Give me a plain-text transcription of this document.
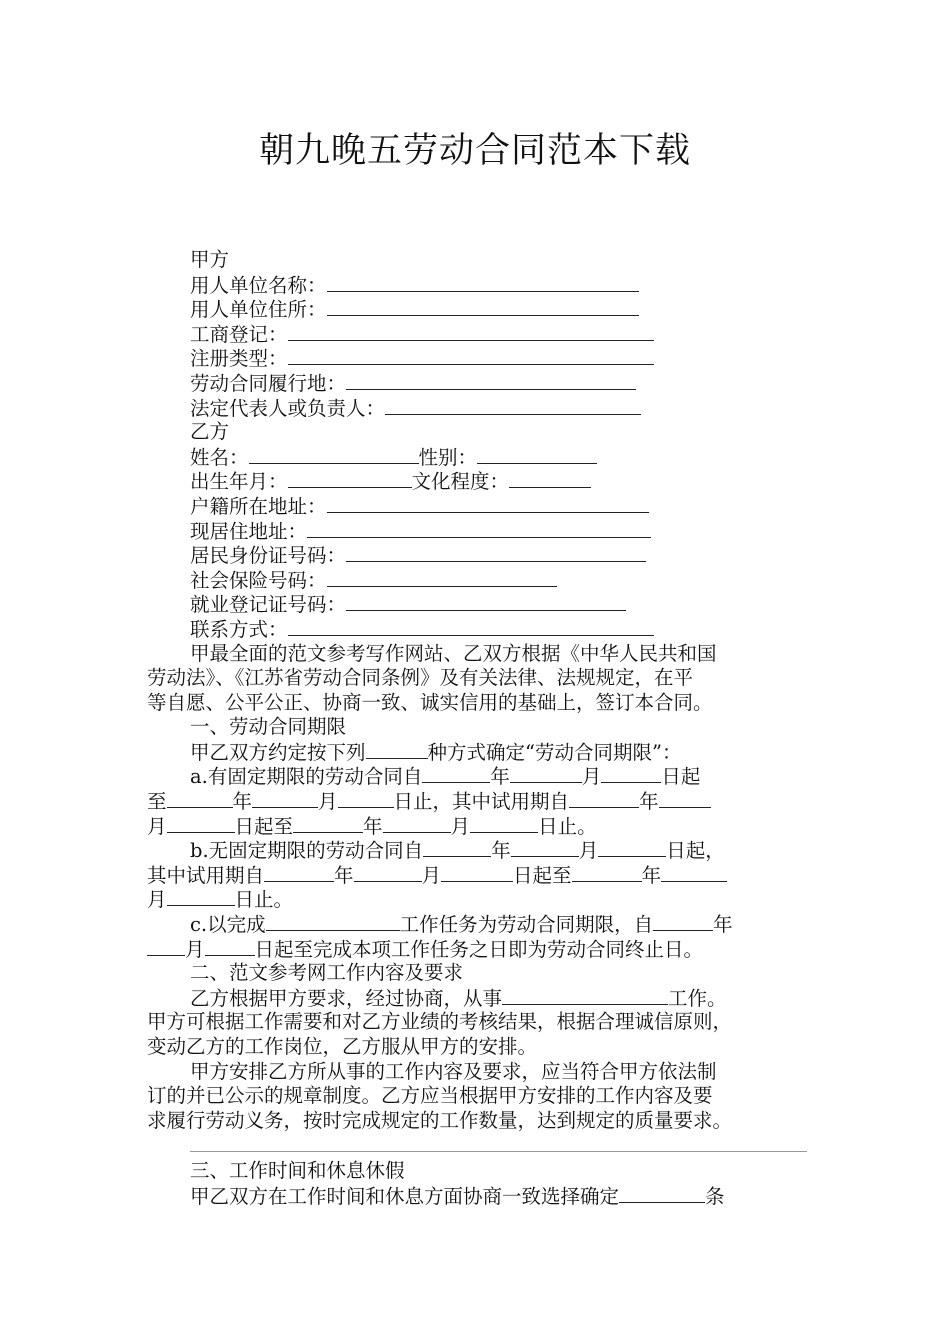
朝九晚五劳动合同范本下载
甲方
用人单位名称：
用人单位住所：
工商登记：
注册类型：
劳动合同履行地：
法定代表人或负责人：
乙方
姓名：	性别：
出生年月：	文化程度：
户籍所在地址：
现居住地址：
居民身份证号码：
社会保险号码：
就业登记证号码：
联系方式：
甲最全面的范文参考写作网站、乙双方根据《中华人民共和国
劳动法》、《江苏省劳动合同条例》及有关法律、法规规定，在平
等自愿、公平公正、协商一致、诚实信用的基础上，签订本合同。
一、劳动合同期限
甲乙双方约定按下列	种方式确定“劳动合同期限”：
a.有固定期限的劳动合同自	年	月	日起
至	年	月	日止，其中试用期自	年
月	日起至	年	月	日止。
b.无固定期限的劳动合同自	年	月	日起，
其中试用期自	年	月	日起至	年
月	日止。
c.以完成	工作任务为劳动合同期限，自	年
月	日起至完成本项工作任务之日即为劳动合同终止日。
二、范文参考网工作内容及要求
乙方根据甲方要求，经过协商，从事	工作。
甲方可根据工作需要和对乙方业绩的考核结果，根据合理诚信原则，
变动乙方的工作岗位，乙方服从甲方的安排。
甲方安排乙方所从事的工作内容及要求，应当符合甲方依法制
订的并已公示的规章制度。乙方应当根据甲方安排的工作内容及要
求履行劳动义务，按时完成规定的工作数量，达到规定的质量要求。
三、工作时间和休息休假
甲乙双方在工作时间和休息方面协商一致选择确定	条
